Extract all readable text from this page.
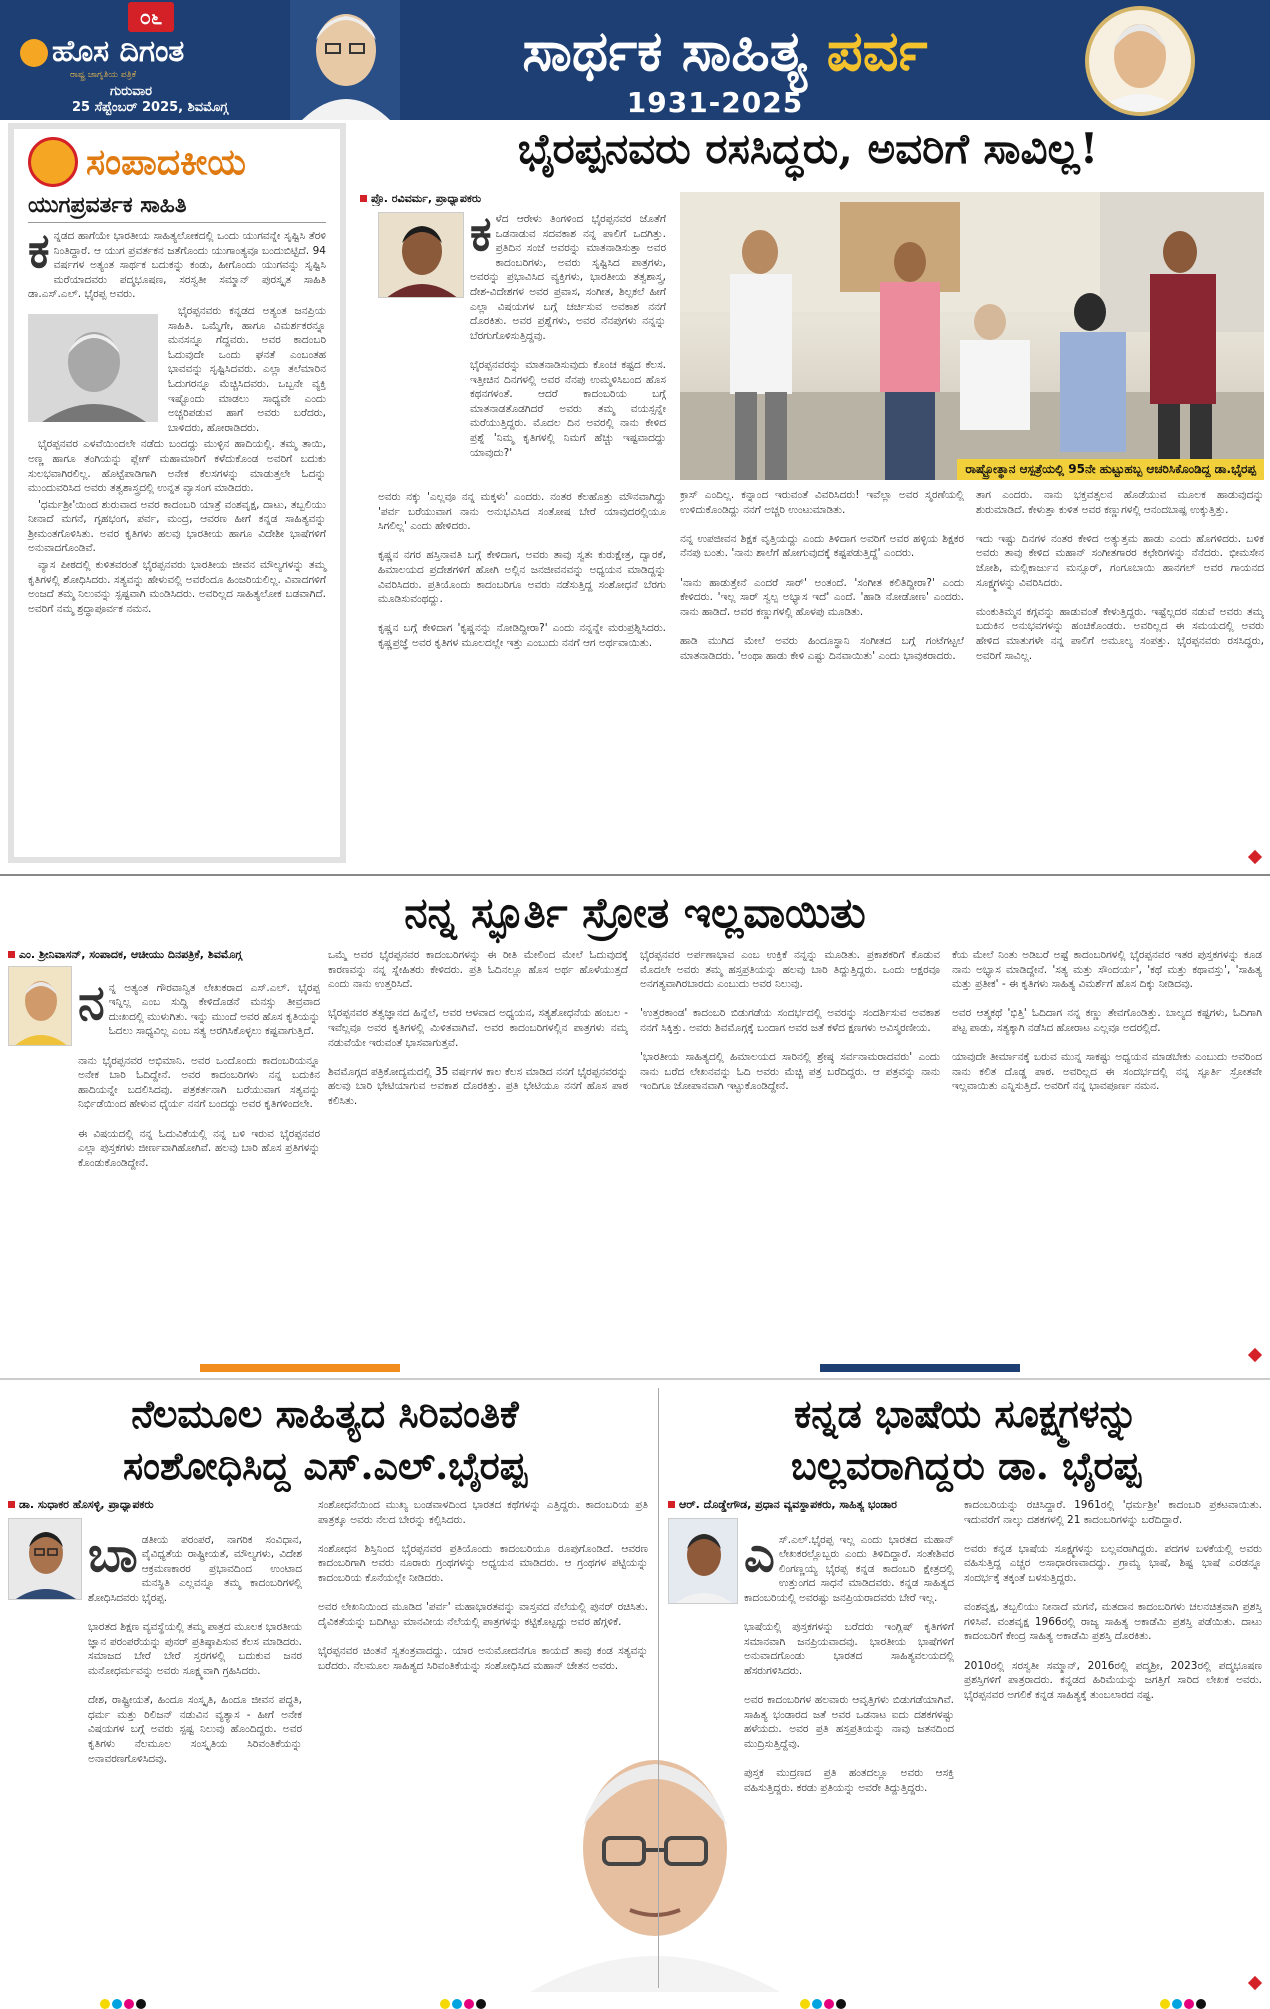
೦೬
ಹೊಸ ದಿಗಂತ
ರಾಷ್ಟ್ರ ಜಾಗೃತಿಯ ಪತ್ರಿಕೆ
ಗುರುವಾರ
25 ಸೆಪ್ಟೆಂಬರ್ 2025, ಶಿವಮೊಗ್ಗ
ಸಾರ್ಥಕ ಸಾಹಿತ್ಯ ಪರ್ವ
1931-2025
ಸಂಪಾದಕೀಯ
ಯುಗಪ್ರವರ್ತಕ ಸಾಹಿತಿ
ಕ ನ್ನಡದ ಹಾಗೆಯೇ ಭಾರತೀಯ ಸಾಹಿತ್ಯಲೋಕದಲ್ಲಿ ಒಂದು ಯುಗವನ್ನೇ ಸೃಷ್ಟಿಸಿ ತೆರಳಿ ನಿಂತಿದ್ದಾರೆ. ಆ ಯುಗ ಪ್ರವರ್ತಕನ ಜತೆಗೊಂದು ಯುಗಾಂತ್ಯವೂ ಬಂದುಬಿಟ್ಟಿದೆ. 94 ವರ್ಷಗಳ ಅತ್ಯಂತ ಸಾರ್ಥಕ ಬದುಕನ್ನು ಕಂಡು, ಹೀಗೊಂದು ಯುಗವನ್ನು ಸೃಷ್ಟಿಸಿ ಮರೆಯಾದವರು ಪದ್ಮಭೂಷಣ, ಸರಸ್ವತೀ ಸಮ್ಮಾನ್ ಪುರಸ್ಕೃತ ಸಾಹಿತಿ ಡಾ.ಎಸ್.ಎಲ್. ಭೈರಪ್ಪ ಅವರು.

ಭೈರಪ್ಪನವರು ಕನ್ನಡದ ಅತ್ಯಂತ ಜನಪ್ರಿಯ ಸಾಹಿತಿ. ಒಮ್ಮೆಗೇ, ಹಾಗೂ ವಿಮರ್ಶಕರನ್ನೂ ಮನಸನ್ನೂ ಗೆದ್ದವರು. ಅವರ ಕಾದಂಬರಿ ಓದುವುದೇ ಒಂದು ಘನತೆ ಎಂಬಂತಹ ಭಾವವನ್ನು ಸೃಷ್ಟಿಸಿದವರು. ಎಲ್ಲಾ ತಲೆಮಾರಿನ ಓದುಗರನ್ನೂ ಮೆಚ್ಚಿಸಿದವರು. ಒಬ್ಬನೇ ವ್ಯಕ್ತಿ ಇಷ್ಟೊಂದು ಮಾಡಲು ಸಾಧ್ಯವೇ ಎಂದು ಅಚ್ಚರಿಪಡುವ ಹಾಗೆ ಅವರು ಬರೆದರು, ಬಾಳಿದರು, ಹೋರಾಡಿದರು.

ಭೈರಪ್ಪನವರ ಎಳವೆಯಿಂದಲೇ ನಡೆದು ಬಂದದ್ದು ಮುಳ್ಳಿನ ಹಾದಿಯಲ್ಲಿ. ತಮ್ಮ ತಾಯಿ, ಅಣ್ಣ ಹಾಗೂ ತಂಗಿಯನ್ನು ಪ್ಲೇಗ್ ಮಹಾಮಾರಿಗೆ ಕಳೆದುಕೊಂಡ ಅವರಿಗೆ ಬದುಕು ಸುಲಭವಾಗಿರಲಿಲ್ಲ. ಹೊಟ್ಟೆಪಾಡಿಗಾಗಿ ಅನೇಕ ಕೆಲಸಗಳನ್ನು ಮಾಡುತ್ತಲೇ ಓದನ್ನು ಮುಂದುವರಿಸಿದ ಅವರು ತತ್ವಶಾಸ್ತ್ರದಲ್ಲಿ ಉನ್ನತ ವ್ಯಾಸಂಗ ಮಾಡಿದರು.

'ಧರ್ಮಶ್ರೀ'ಯಿಂದ ಶುರುವಾದ ಅವರ ಕಾದಂಬರಿ ಯಾತ್ರೆ ವಂಶವೃಕ್ಷ, ದಾಟು, ತಬ್ಬಲಿಯು ನೀನಾದೆ ಮಗನೆ, ಗೃಹಭಂಗ, ಪರ್ವ, ಮಂದ್ರ, ಆವರಣ ಹೀಗೆ ಕನ್ನಡ ಸಾಹಿತ್ಯವನ್ನು ಶ್ರೀಮಂತಗೊಳಿಸಿತು. ಅವರ ಕೃತಿಗಳು ಹಲವು ಭಾರತೀಯ ಹಾಗೂ ವಿದೇಶೀ ಭಾಷೆಗಳಿಗೆ ಅನುವಾದಗೊಂಡಿವೆ.

ವ್ಯಾಸ ಪೀಠದಲ್ಲಿ ಕುಳಿತವರಂತೆ ಭೈರಪ್ಪನವರು ಭಾರತೀಯ ಜೀವನ ಮೌಲ್ಯಗಳನ್ನು ತಮ್ಮ ಕೃತಿಗಳಲ್ಲಿ ಶೋಧಿಸಿದರು. ಸತ್ಯವನ್ನು ಹೇಳುವಲ್ಲಿ ಅವರೆಂದೂ ಹಿಂಜರಿಯಲಿಲ್ಲ. ವಿವಾದಗಳಿಗೆ ಅಂಜದೆ ತಮ್ಮ ನಿಲುವನ್ನು ಸ್ಪಷ್ಟವಾಗಿ ಮಂಡಿಸಿದರು. ಅವರಿಲ್ಲದ ಸಾಹಿತ್ಯಲೋಕ ಬಡವಾಗಿದೆ. ಅವರಿಗೆ ನಮ್ಮ ಶ್ರದ್ಧಾಪೂರ್ವಕ ನಮನ.

ಭೈರಪ್ಪನವರು ರಸಸಿದ್ಧರು, ಅವರಿಗೆ ಸಾವಿಲ್ಲ!
ಪ್ರೊ. ರವಿವರ್ಮ, ಪ್ರಾಧ್ಯಾಪಕರು
ಕ ಳೆದ ಆರೇಳು ತಿಂಗಳಿಂದ ಭೈರಪ್ಪನವರ ಜೊತೆಗೆ ಒಡನಾಡುವ ಸದವಕಾಶ ನನ್ನ ಪಾಲಿಗೆ ಒದಗಿತ್ತು. ಪ್ರತಿದಿನ ಸಂಜೆ ಅವರನ್ನು ಮಾತನಾಡಿಸುತ್ತಾ ಅವರ ಕಾದಂಬರಿಗಳು, ಅವರು ಸೃಷ್ಟಿಸಿದ ಪಾತ್ರಗಳು, ಅವರನ್ನು ಪ್ರಭಾವಿಸಿದ ವ್ಯಕ್ತಿಗಳು, ಭಾರತೀಯ ತತ್ವಶಾಸ್ತ್ರ, ದೇಶ-ವಿದೇಶಗಳ ಅವರ ಪ್ರವಾಸ, ಸಂಗೀತ, ಶಿಲ್ಪಕಲೆ ಹೀಗೆ ಎಲ್ಲಾ ವಿಷಯಗಳ ಬಗ್ಗೆ ಚರ್ಚಿಸುವ ಅವಕಾಶ ನನಗೆ ದೊರಕಿತು. ಅವರ ಪ್ರಶ್ನೆಗಳು, ಅವರ ನೆನಪುಗಳು ನನ್ನನ್ನು ಬೆರಗುಗೊಳಿಸುತ್ತಿದ್ದವು.

ಭೈರಪ್ಪನವರನ್ನು ಮಾತನಾಡಿಸುವುದು ಕೊಂಚ ಕಷ್ಟದ ಕೆಲಸ. ಇತ್ತೀಚಿನ ದಿನಗಳಲ್ಲಿ ಅವರ ನೆನಪು ಉಮ್ಮಳಿಸಿಬಂದ ಹೊಸ ಕಥನಗಳಂತೆ. ಆದರೆ ಕಾದಂಬರಿಯ ಬಗ್ಗೆ ಮಾತನಾಡತೊಡಗಿದರೆ ಅವರು ತಮ್ಮ ವಯಸ್ಸನ್ನೇ ಮರೆಯುತ್ತಿದ್ದರು. ಮೊದಲ ದಿನ ಅವರಲ್ಲಿ ನಾನು ಕೇಳಿದ ಪ್ರಶ್ನೆ 'ನಿಮ್ಮ ಕೃತಿಗಳಲ್ಲಿ ನಿಮಗೆ ಹೆಚ್ಚು ಇಷ್ಟವಾದದ್ದು ಯಾವುದು?'

ಅವರು ನಕ್ಕು 'ಎಲ್ಲವೂ ನನ್ನ ಮಕ್ಕಳು' ಎಂದರು. ನಂತರ ಕೆಲಹೊತ್ತು ಮೌನವಾಗಿದ್ದು 'ಪರ್ವ ಬರೆಯುವಾಗ ನಾನು ಅನುಭವಿಸಿದ ಸಂತೋಷ ಬೇರೆ ಯಾವುದರಲ್ಲಿಯೂ ಸಿಗಲಿಲ್ಲ' ಎಂದು ಹೇಳಿದರು.

ಕೃಷ್ಣನ ನಗರ ಹಸ್ತಿನಾವತಿ ಬಗ್ಗೆ ಕೇಳಿದಾಗ, ಅವರು ತಾವು ಸ್ವತಃ ಕುರುಕ್ಷೇತ್ರ, ದ್ವಾರಕೆ, ಹಿಮಾಲಯದ ಪ್ರದೇಶಗಳಿಗೆ ಹೋಗಿ ಅಲ್ಲಿನ ಜನಜೀವನವನ್ನು ಅಧ್ಯಯನ ಮಾಡಿದ್ದನ್ನು ವಿವರಿಸಿದರು. ಪ್ರತಿಯೊಂದು ಕಾದಂಬರಿಗೂ ಅವರು ನಡೆಸುತ್ತಿದ್ದ ಸಂಶೋಧನೆ ಬೆರಗು ಮೂಡಿಸುವಂಥದ್ದು.

ಕೃಷ್ಣನ ಬಗ್ಗೆ ಕೇಳಿದಾಗ 'ಕೃಷ್ಣನನ್ನು ನೋಡಿದ್ದೀರಾ?' ಎಂದು ನನ್ನನ್ನೇ ಮರುಪ್ರಶ್ನಿಸಿದರು. ಕೃಷ್ಣಪ್ರಜ್ಞೆ ಅವರ ಕೃತಿಗಳ ಮೂಲದಲ್ಲೇ ಇತ್ತು ಎಂಬುದು ನನಗೆ ಆಗ ಅರ್ಥವಾಯಿತು.
ರಾಷ್ಟ್ರೋತ್ಥಾನ ಆಸ್ಪತ್ರೆಯಲ್ಲಿ 95ನೇ ಹುಟ್ಟುಹಬ್ಬ ಆಚರಿಸಿಕೊಂಡಿದ್ದ ಡಾ.ಭೈರಪ್ಪ
ಕ್ರಾಸ್ ಎಂದಿಲ್ಲ. ಕನ್ನಾಂದ ಇರುವಂತೆ ವಿವರಿಸಿದರು! ಇವೆಲ್ಲಾ ಅವರ ಸ್ಮರಣೆಯಲ್ಲಿ ಉಳಿದುಕೊಂಡಿದ್ದು ನನಗೆ ಅಚ್ಚರಿ ಉಂಟುಮಾಡಿತು.

ನನ್ನ ಉಪಜೀವನ ಶಿಕ್ಷಕ ವೃತ್ತಿಯದ್ದು ಎಂದು ತಿಳಿದಾಗ ಅವರಿಗೆ ಅವರ ಹಳ್ಳಿಯ ಶಿಕ್ಷಕರ ನೆನಪು ಬಂತು. 'ನಾನು ಶಾಲೆಗೆ ಹೋಗುವುದಕ್ಕೆ ಕಷ್ಟಪಡುತ್ತಿದ್ದೆ' ಎಂದರು.

'ನಾನು ಹಾಡುತ್ತೇನೆ ಎಂದರೆ ಸಾರ್' ಅಂತಂದೆ. 'ಸಂಗೀತ ಕಲಿತಿದ್ದೀರಾ?' ಎಂದು ಕೇಳಿದರು. 'ಇಲ್ಲ ಸಾರ್ ಸ್ವಲ್ಪ ಅಭ್ಯಾಸ ಇದೆ' ಎಂದೆ. 'ಹಾಡಿ ನೋಡೋಣ' ಎಂದರು. ನಾನು ಹಾಡಿದೆ. ಅವರ ಕಣ್ಣುಗಳಲ್ಲಿ ಹೊಳಪು ಮೂಡಿತು.

ಹಾಡಿ ಮುಗಿದ ಮೇಲೆ ಅವರು ಹಿಂದೂಸ್ಥಾನಿ ಸಂಗೀತದ ಬಗ್ಗೆ ಗಂಟೆಗಟ್ಟಲೆ ಮಾತನಾಡಿದರು. 'ಅಂಥಾ ಹಾಡು ಕೇಳಿ ಎಷ್ಟು ದಿನವಾಯಿತು' ಎಂದು ಭಾವುಕರಾದರು.
ತಾಗ ಎಂದರು. ನಾನು ಭಕ್ತವತ್ಸಲನ ಹೊಡೆಯುವ ಮೂಲಕ ಹಾಡುವುದನ್ನು ಶುರುಮಾಡಿದೆ. ಕೇಳುತ್ತಾ ಕುಳಿತ ಅವರ ಕಣ್ಣುಗಳಲ್ಲಿ ಆನಂದಬಾಷ್ಪ ಉಕ್ಕುತ್ತಿತ್ತು.

ಇದು ಇಷ್ಟು ದಿನಗಳ ನಂತರ ಕೇಳಿದ ಅತ್ಯುತ್ತಮ ಹಾಡು ಎಂದು ಹೊಗಳಿದರು. ಬಳಿಕ ಅವರು ತಾವು ಕೇಳಿದ ಮಹಾನ್ ಸಂಗೀತಗಾರರ ಕಛೇರಿಗಳನ್ನು ನೆನೆದರು. ಭೀಮಸೇನ ಜೋಶಿ, ಮಲ್ಲಿಕಾರ್ಜುನ ಮನ್ಸೂರ್, ಗಂಗೂಬಾಯಿ ಹಾನಗಲ್ ಅವರ ಗಾಯನದ ಸೂಕ್ಷ್ಮಗಳನ್ನು ವಿವರಿಸಿದರು.

ಮಂಕುತಿಮ್ಮನ ಕಗ್ಗವನ್ನು ಹಾಡುವಂತೆ ಕೇಳುತ್ತಿದ್ದರು. ಇಷ್ಟೆಲ್ಲದರ ನಡುವೆ ಅವರು ತಮ್ಮ ಬದುಕಿನ ಅನುಭವಗಳನ್ನು ಹಂಚಿಕೊಂಡರು. ಅವರಿಲ್ಲದ ಈ ಸಮಯದಲ್ಲಿ ಅವರು ಹೇಳಿದ ಮಾತುಗಳೇ ನನ್ನ ಪಾಲಿಗೆ ಅಮೂಲ್ಯ ಸಂಪತ್ತು. ಭೈರಪ್ಪನವರು ರಸಸಿದ್ಧರು, ಅವರಿಗೆ ಸಾವಿಲ್ಲ.
ನನ್ನ ಸ್ಫೂರ್ತಿ ಸ್ರೋತ ಇಲ್ಲವಾಯಿತು
ಎಂ. ಶ್ರೀನಿವಾಸನ್, ಸಂಪಾದಕ, ಆಚೀಯು ದಿನಪತ್ರಿಕೆ, ಶಿವಮೊಗ್ಗ

ನನ್ನ ಅತ್ಯಂತ ಗೌರವಾನ್ವಿತ ಲೇಖಕರಾದ ಎಸ್.ಎಲ್. ಭೈರಪ್ಪ ಇನ್ನಿಲ್ಲ ಎಂಬ ಸುದ್ದಿ ಕೇಳಿದೊಡನೆ ಮನಸ್ಸು ತೀವ್ರವಾದ ದುಃಖದಲ್ಲಿ ಮುಳುಗಿತು. ಇನ್ನು ಮುಂದೆ ಅವರ ಹೊಸ ಕೃತಿಯನ್ನು ಓದಲು ಸಾಧ್ಯವಿಲ್ಲ ಎಂಬ ಸತ್ಯ ಅರಗಿಸಿಕೊಳ್ಳಲು ಕಷ್ಟವಾಗುತ್ತಿದೆ.

ನಾನು ಭೈರಪ್ಪನವರ ಅಭಿಮಾನಿ. ಅವರ ಒಂದೊಂದು ಕಾದಂಬರಿಯನ್ನೂ ಅನೇಕ ಬಾರಿ ಓದಿದ್ದೇನೆ. ಅವರ ಕಾದಂಬರಿಗಳು ನನ್ನ ಬದುಕಿನ ಹಾದಿಯನ್ನೇ ಬದಲಿಸಿದವು. ಪತ್ರಕರ್ತನಾಗಿ ಬರೆಯುವಾಗ ಸತ್ಯವನ್ನು ನಿರ್ಭಿಡೆಯಿಂದ ಹೇಳುವ ಧೈರ್ಯ ನನಗೆ ಬಂದದ್ದು ಅವರ ಕೃತಿಗಳಿಂದಲೇ.

ಈ ವಿಷಯದಲ್ಲಿ ನನ್ನ ಓದುವಿಕೆಯಲ್ಲಿ ನನ್ನ ಬಳಿ ಇರುವ ಭೈರಪ್ಪನವರ ಎಲ್ಲಾ ಪುಸ್ತಕಗಳು ಜೀರ್ಣವಾಗಿಹೋಗಿವೆ. ಹಲವು ಬಾರಿ ಹೊಸ ಪ್ರತಿಗಳನ್ನು ಕೊಂಡುಕೊಂಡಿದ್ದೇನೆ.

ಒಮ್ಮೆ ಅವರ ಭೈರಪ್ಪನವರ ಕಾದಂಬರಿಗಳನ್ನು ಈ ರೀತಿ ಮೇಲಿಂದ ಮೇಲೆ ಓದುವುದಕ್ಕೆ ಕಾರಣವನ್ನು ನನ್ನ ಸ್ನೇಹಿತರು ಕೇಳಿದರು. ಪ್ರತಿ ಓದಿನಲ್ಲೂ ಹೊಸ ಅರ್ಥ ಹೊಳೆಯುತ್ತದೆ ಎಂದು ನಾನು ಉತ್ತರಿಸಿದೆ.

ಭೈರಪ್ಪನವರ ತತ್ವಜ್ಞಾನದ ಹಿನ್ನೆಲೆ, ಅವರ ಆಳವಾದ ಅಧ್ಯಯನ, ಸತ್ಯಶೋಧನೆಯ ಹಂಬಲ - ಇವೆಲ್ಲವೂ ಅವರ ಕೃತಿಗಳಲ್ಲಿ ಮಿಳಿತವಾಗಿವೆ. ಅವರ ಕಾದಂಬರಿಗಳಲ್ಲಿನ ಪಾತ್ರಗಳು ನಮ್ಮ ನಡುವೆಯೇ ಇರುವಂತೆ ಭಾಸವಾಗುತ್ತವೆ.

ಶಿವಮೊಗ್ಗದ ಪತ್ರಿಕೋದ್ಯಮದಲ್ಲಿ 35 ವರ್ಷಗಳ ಕಾಲ ಕೆಲಸ ಮಾಡಿದ ನನಗೆ ಭೈರಪ್ಪನವರನ್ನು ಹಲವು ಬಾರಿ ಭೇಟಿಯಾಗುವ ಅವಕಾಶ ದೊರಕಿತ್ತು. ಪ್ರತಿ ಭೇಟಿಯೂ ನನಗೆ ಹೊಸ ಪಾಠ ಕಲಿಸಿತು.
ಭೈರಪ್ಪನವರ ಅರ್ಪಣಾಭಾವ ಎಂಬ ಉಕ್ತಿಕೆ ನನ್ನನ್ನು ಮೂಡಿತು. ಪ್ರಕಾಶಕರಿಗೆ ಕೊಡುವ ಮೊದಲೇ ಅವರು ತಮ್ಮ ಹಸ್ತಪ್ರತಿಯನ್ನು ಹಲವು ಬಾರಿ ತಿದ್ದುತ್ತಿದ್ದರು. ಒಂದು ಅಕ್ಷರವೂ ಅನಗತ್ಯವಾಗಿರಬಾರದು ಎಂಬುದು ಅವರ ನಿಲುವು.

'ಉತ್ತರಕಾಂಡ' ಕಾದಂಬರಿ ಬಿಡುಗಡೆಯ ಸಂದರ್ಭದಲ್ಲಿ ಅವರನ್ನು ಸಂದರ್ಶಿಸುವ ಅವಕಾಶ ನನಗೆ ಸಿಕ್ಕಿತ್ತು. ಅವರು ಶಿವಮೊಗ್ಗಕ್ಕೆ ಬಂದಾಗ ಅವರ ಜತೆ ಕಳೆದ ಕ್ಷಣಗಳು ಅವಿಸ್ಮರಣೀಯ.

'ಭಾರತೀಯ ಸಾಹಿತ್ಯದಲ್ಲಿ ಹಿಮಾಲಯದ ಸಾರಿನಲ್ಲಿ ಶ್ರೇಷ್ಠ ಸರ್ವನಾಮರಾದವರು' ಎಂದು ನಾನು ಬರೆದ ಲೇಖನವನ್ನು ಓದಿ ಅವರು ಮೆಚ್ಚಿ ಪತ್ರ ಬರೆದಿದ್ದರು. ಆ ಪತ್ರವನ್ನು ನಾನು ಇಂದಿಗೂ ಜೋಪಾನವಾಗಿ ಇಟ್ಟುಕೊಂಡಿದ್ದೇನೆ.
ಕೆಯ ಮೇಲೆ ನಿಂತು ಅಡಿಬರೆ ಅಷ್ಟೆ ಕಾದಂಬರಿಗಳಲ್ಲಿ ಭೈರಪ್ಪನವರ ಇತರ ಪುಸ್ತಕಗಳನ್ನು ಕೂಡ ನಾನು ಅಭ್ಯಾಸ ಮಾಡಿದ್ದೇನೆ. 'ಸತ್ಯ ಮತ್ತು ಸೌಂದರ್ಯ', 'ಕಥೆ ಮತ್ತು ಕಥಾವಸ್ತು', 'ಸಾಹಿತ್ಯ ಮತ್ತು ಪ್ರತೀಕ' - ಈ ಕೃತಿಗಳು ಸಾಹಿತ್ಯ ವಿಮರ್ಶೆಗೆ ಹೊಸ ದಿಕ್ಕು ನೀಡಿದವು.

ಅವರ ಆತ್ಮಕಥೆ 'ಭಿತ್ತಿ' ಓದಿದಾಗ ನನ್ನ ಕಣ್ಣು ತೇವಗೊಂಡಿತ್ತು. ಬಾಲ್ಯದ ಕಷ್ಟಗಳು, ಓದಿಗಾಗಿ ಪಟ್ಟ ಪಾಡು, ಸತ್ಯಕ್ಕಾಗಿ ನಡೆಸಿದ ಹೋರಾಟ ಎಲ್ಲವೂ ಅದರಲ್ಲಿದೆ.

ಯಾವುದೇ ತೀರ್ಮಾನಕ್ಕೆ ಬರುವ ಮುನ್ನ ಸಾಕಷ್ಟು ಅಧ್ಯಯನ ಮಾಡಬೇಕು ಎಂಬುದು ಅವರಿಂದ ನಾನು ಕಲಿತ ದೊಡ್ಡ ಪಾಠ. ಅವರಿಲ್ಲದ ಈ ಸಂದರ್ಭದಲ್ಲಿ ನನ್ನ ಸ್ಫೂರ್ತಿ ಸ್ರೋತವೇ ಇಲ್ಲವಾಯಿತು ಎನ್ನಿಸುತ್ತಿದೆ. ಅವರಿಗೆ ನನ್ನ ಭಾವಪೂರ್ಣ ನಮನ.
ನೆಲಮೂಲ ಸಾಹಿತ್ಯದ ಸಿರಿವಂತಿಕೆ
ಸಂಶೋಧಿಸಿದ್ದ ಎಸ್.ಎಲ್.ಭೈರಪ್ಪ
ಡಾ. ಸುಧಾಕರ ಹೊಸಳ್ಳಿ, ಪ್ರಾಧ್ಯಾಪಕರು

ಬಾಡತೀಯ ಪರಂಪರೆ, ನಾಗರಿಕ ಸಂವಿಧಾನ, ವೈವಿಧ್ಯತೆಯ ರಾಷ್ಟ್ರೀಯತೆ, ಮೌಲ್ಯಗಳು, ವಿದೇಶ ಆಕ್ರಮಣಕಾರರ ಪ್ರಭಾವದಿಂದ ಉಂಟಾದ ಮನಸ್ಥಿತಿ ಎಲ್ಲವನ್ನೂ ತಮ್ಮ ಕಾದಂಬರಿಗಳಲ್ಲಿ ಶೋಧಿಸಿದವರು ಭೈರಪ್ಪ.

ಭಾರತದ ಶಿಕ್ಷಣ ವ್ಯವಸ್ಥೆಯಲ್ಲಿ ತಮ್ಮ ಪಾತ್ರದ ಮೂಲಕ ಭಾರತೀಯ ಜ್ಞಾನ ಪರಂಪರೆಯನ್ನು ಪುನರ್ ಪ್ರತಿಷ್ಠಾಪಿಸುವ ಕೆಲಸ ಮಾಡಿದರು. ಸಮಾಜದ ಬೇರೆ ಬೇರೆ ಸ್ತರಗಳಲ್ಲಿ ಬದುಕುವ ಜನರ ಮನೋಧರ್ಮವನ್ನು ಅವರು ಸೂಕ್ಷ್ಮವಾಗಿ ಗ್ರಹಿಸಿದರು.

ದೇಶ, ರಾಷ್ಟ್ರೀಯತೆ, ಹಿಂದೂ ಸಂಸ್ಕೃತಿ, ಹಿಂದೂ ಜೀವನ ಪದ್ಧತಿ, ಧರ್ಮ ಮತ್ತು ರಿಲಿಜನ್ ನಡುವಿನ ವ್ಯತ್ಯಾಸ - ಹೀಗೆ ಅನೇಕ ವಿಷಯಗಳ ಬಗ್ಗೆ ಅವರು ಸ್ಪಷ್ಟ ನಿಲುವು ಹೊಂದಿದ್ದರು. ಅವರ ಕೃತಿಗಳು ನೆಲಮೂಲ ಸಂಸ್ಕೃತಿಯ ಸಿರಿವಂತಿಕೆಯನ್ನು ಅನಾವರಣಗೊಳಿಸಿದವು.

ಸಂಶೋಧನೆಯಿಂದ ಮುಖ್ಯ ಬಂಡವಾಳದಿಂದ ಭಾರತದ ಕಥೆಗಳನ್ನು ಎತ್ತಿದ್ದರು. ಕಾದಂಬರಿಯ ಪ್ರತಿ ಪಾತ್ರಕ್ಕೂ ಅವರು ನೆಲದ ಬೇರನ್ನು ಕಲ್ಪಿಸಿದರು.

ಸಂಶೋಧನ ಶಿಸ್ತಿನಿಂದ ಭೈರಪ್ಪನವರ ಪ್ರತಿಯೊಂದು ಕಾದಂಬರಿಯೂ ರೂಪುಗೊಂಡಿದೆ. ಆವರಣ ಕಾದಂಬರಿಗಾಗಿ ಅವರು ನೂರಾರು ಗ್ರಂಥಗಳನ್ನು ಅಧ್ಯಯನ ಮಾಡಿದರು. ಆ ಗ್ರಂಥಗಳ ಪಟ್ಟಿಯನ್ನು ಕಾದಂಬರಿಯ ಕೊನೆಯಲ್ಲೇ ನೀಡಿದರು.

ಅವರ ಲೇಖನಿಯಿಂದ ಮೂಡಿದ 'ಪರ್ವ' ಮಹಾಭಾರತವನ್ನು ವಾಸ್ತವದ ನೆಲೆಯಲ್ಲಿ ಪುನರ್ ರಚಿಸಿತು. ದೈವಿಕತೆಯನ್ನು ಬದಿಗಿಟ್ಟು ಮಾನವೀಯ ನೆಲೆಯಲ್ಲಿ ಪಾತ್ರಗಳನ್ನು ಕಟ್ಟಿಕೊಟ್ಟದ್ದು ಅವರ ಹೆಗ್ಗಳಿಕೆ.

ಭೈರಪ್ಪನವರ ಚಿಂತನೆ ಸ್ವತಂತ್ರವಾದದ್ದು. ಯಾರ ಅನುಮೋದನೆಗೂ ಕಾಯದೆ ತಾವು ಕಂಡ ಸತ್ಯವನ್ನು ಬರೆದರು. ನೆಲಮೂಲ ಸಾಹಿತ್ಯದ ಸಿರಿವಂತಿಕೆಯನ್ನು ಸಂಶೋಧಿಸಿದ ಮಹಾನ್ ಚೇತನ ಅವರು.
ಕನ್ನಡ ಭಾಷೆಯ ಸೂಕ್ಷ್ಮಗಳನ್ನು
ಬಲ್ಲವರಾಗಿದ್ದರು ಡಾ. ಭೈರಪ್ಪ
ಆರ್. ದೊಡ್ಡೇಗೌಡ, ಪ್ರಧಾನ ವ್ಯವಸ್ಥಾಪಕರು, ಸಾಹಿತ್ಯ ಭಂಡಾರ

ಎಸ್.ಎಲ್.ಭೈರಪ್ಪ ಇಲ್ಲ ಎಂದು ಭಾರತದ ಮಹಾನ್ ಲೇಖಕರಲ್ಲೊಬ್ಬರು ಎಂದು ತಿಳಿದಿದ್ದಾರೆ. ಸಂತೇಶಿವರ ಲಿಂಗಣ್ಣಯ್ಯ ಭೈರಪ್ಪ ಕನ್ನಡ ಕಾದಂಬರಿ ಕ್ಷೇತ್ರದಲ್ಲಿ ಉತ್ತುಂಗದ ಸಾಧನೆ ಮಾಡಿದವರು. ಕನ್ನಡ ಸಾಹಿತ್ಯದ ಕಾದಂಬರಿಯಲ್ಲಿ ಅವರಷ್ಟು ಜನಪ್ರಿಯರಾದವರು ಬೇರೆ ಇಲ್ಲ.

ಭಾಷೆಯಲ್ಲಿ ಪುಸ್ತಕಗಳನ್ನು ಬರೆದರು ಇಂಗ್ಲಿಷ್ ಕೃತಿಗಳಿಗೆ ಸಮಾನವಾಗಿ ಜನಪ್ರಿಯವಾದವು. ಭಾರತೀಯ ಭಾಷೆಗಳಿಗೆ ಅನುವಾದಗೊಂಡು ಭಾರತದ ಸಾಹಿತ್ಯವಲಯದಲ್ಲಿ ಹೆಸರುಗಳಿಸಿದರು.

ಅವರ ಕಾದಂಬರಿಗಳ ಹಲವಾರು ಆವೃತ್ತಿಗಳು ಬಿಡುಗಡೆಯಾಗಿವೆ. ಸಾಹಿತ್ಯ ಭಂಡಾರದ ಜತೆ ಅವರ ಒಡನಾಟ ಐದು ದಶಕಗಳಷ್ಟು ಹಳೆಯದು. ಅವರ ಪ್ರತಿ ಹಸ್ತಪ್ರತಿಯನ್ನು ನಾವು ಜತನದಿಂದ ಮುದ್ರಿಸುತ್ತಿದ್ದೆವು.

ಪುಸ್ತಕ ಮುದ್ರಣದ ಪ್ರತಿ ಹಂತದಲ್ಲೂ ಅವರು ಆಸಕ್ತಿ ವಹಿಸುತ್ತಿದ್ದರು. ಕರಡು ಪ್ರತಿಯನ್ನು ಅವರೇ ತಿದ್ದುತ್ತಿದ್ದರು.

ಕಾದಂಬರಿಯನ್ನು ರಚಿಸಿದ್ದಾರೆ. 1961ರಲ್ಲಿ 'ಧರ್ಮಶ್ರೀ' ಕಾದಂಬರಿ ಪ್ರಕಟವಾಯಿತು. ಇದುವರೆಗೆ ನಾಲ್ಕು ದಶಕಗಳಲ್ಲಿ 21 ಕಾದಂಬರಿಗಳನ್ನು ಬರೆದಿದ್ದಾರೆ.

ಅವರು ಕನ್ನಡ ಭಾಷೆಯ ಸೂಕ್ಷ್ಮಗಳನ್ನು ಬಲ್ಲವರಾಗಿದ್ದರು. ಪದಗಳ ಬಳಕೆಯಲ್ಲಿ ಅವರು ವಹಿಸುತ್ತಿದ್ದ ಎಚ್ಚರ ಅಸಾಧಾರಣವಾದದ್ದು. ಗ್ರಾಮ್ಯ ಭಾಷೆ, ಶಿಷ್ಟ ಭಾಷೆ ಎರಡನ್ನೂ ಸಂದರ್ಭಕ್ಕೆ ತಕ್ಕಂತೆ ಬಳಸುತ್ತಿದ್ದರು.

ವಂಶವೃಕ್ಷ, ತಬ್ಬಲಿಯು ನೀನಾದೆ ಮಗನೆ, ಮತದಾನ ಕಾದಂಬರಿಗಳು ಚಲನಚಿತ್ರವಾಗಿ ಪ್ರಶಸ್ತಿ ಗಳಿಸಿವೆ. ವಂಶವೃಕ್ಷ 1966ರಲ್ಲಿ ರಾಜ್ಯ ಸಾಹಿತ್ಯ ಅಕಾಡೆಮಿ ಪ್ರಶಸ್ತಿ ಪಡೆಯಿತು. ದಾಟು ಕಾದಂಬರಿಗೆ ಕೇಂದ್ರ ಸಾಹಿತ್ಯ ಅಕಾಡೆಮಿ ಪ್ರಶಸ್ತಿ ದೊರಕಿತು.

2010ರಲ್ಲಿ ಸರಸ್ವತೀ ಸಮ್ಮಾನ್, 2016ರಲ್ಲಿ ಪದ್ಮಶ್ರೀ, 2023ರಲ್ಲಿ ಪದ್ಮಭೂಷಣ ಪ್ರಶಸ್ತಿಗಳಿಗೆ ಪಾತ್ರರಾದರು. ಕನ್ನಡದ ಹಿರಿಮೆಯನ್ನು ಜಗತ್ತಿಗೆ ಸಾರಿದ ಲೇಖಕ ಅವರು. ಭೈರಪ್ಪನವರ ಅಗಲಿಕೆ ಕನ್ನಡ ಸಾಹಿತ್ಯಕ್ಕೆ ತುಂಬಲಾರದ ನಷ್ಟ.
